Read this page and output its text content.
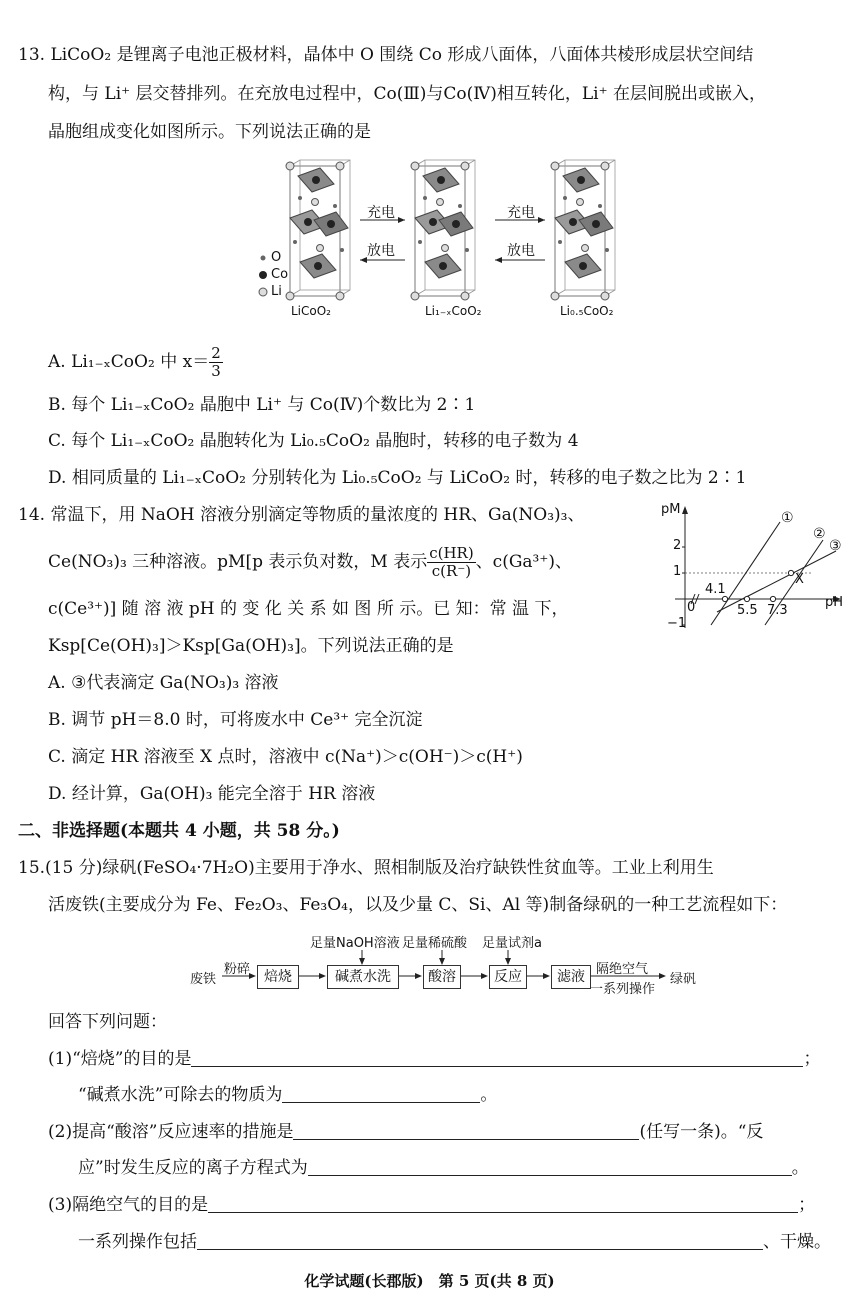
13. LiCoO₂ 是锂离子电池正极材料，晶体中 O 围绕 Co 形成八面体，八面体共棱形成层状空间结
构，与 Li⁺ 层交替排列。在充放电过程中，Co(Ⅲ)与Co(Ⅳ)相互转化，Li⁺ 在层间脱出或嵌入，
晶胞组成变化如图所示。下列说法正确的是
充电
放电
充电
放电
O
Co
Li
LiCoO₂	Li₁₋ₓCoO₂	Li₀.₅CoO₂
A. Li₁₋ₓCoO₂ 中 $x= \frac{2}{3}$
B. 每个 Li₁₋ₓCoO₂ 晶胞中 Li⁺ 与 Co(Ⅳ)个数比为 2∶1
C. 每个 Li₁₋ₓCoO₂ 晶胞转化为 Li₀.₅CoO₂ 晶胞时，转移的电子数为 4
D. 相同质量的 Li₁₋ₓCoO₂ 分别转化为 Li₀.₅CoO₂ 与 LiCoO₂ 时，转移的电子数之比为 2∶1
14. 常温下，用 NaOH 溶液分别滴定等物质的量浓度的 HR、Ga(NO₃)₃、
Ce(NO₃)₃ 三种溶液。pM[p 表示负对数，M 表示 $\frac{c(HR)}{c(R^-)}$ 、c(Ga³⁺)、
c(Ce³⁺)] 随 溶 液 pH 的 变 化 关 系 如 图 所 示。已 知：常 温 下，
Ksp[Ce(OH)₃]＞Ksp[Ga(OH)₃]。下列说法正确的是
A. ③代表滴定 Ga(NO₃)₃ 溶液
B. 调节 pH＝8.0 时，可将废水中 Ce³⁺ 完全沉淀
C. 滴定 HR 溶液至 X 点时，溶液中 c(Na⁺)＞c(OH⁻)＞c(H⁺)
D. 经计算，Ga(OH)₃ 能完全溶于 HR 溶液
pM
pH
2
1
0
−1
4.1
5.5 7.3
X
①
②
③
二、非选择题(本题共 4 小题，共 58 分。)
15.(15 分)绿矾(FeSO₄·7H₂O)主要用于净水、照相制版及治疗缺铁性贫血等。工业上利用生
活废铁(主要成分为 Fe、Fe₂O₃、Fe₃O₄，以及少量 C、Si、Al 等)制备绿矾的一种工艺流程如下：
废铁
粉碎 焙烧	碱煮水洗	酸溶	反应	滤液
足量NaOH溶液 足量稀硫酸 足量试剂a
隔绝空气
一系列操作
绿矾
回答下列问题：
(1)“焙烧”的目的是	；
“碱煮水洗”可除去的物质为	。
(2)提高“酸溶”反应速率的措施是	(任写一条)。“反
应”时发生反应的离子方程式为	。
(3)隔绝空气的目的是	；
一系列操作包括	、干燥。
化学试题(长郡版)　第 5 页(共 8 页)
